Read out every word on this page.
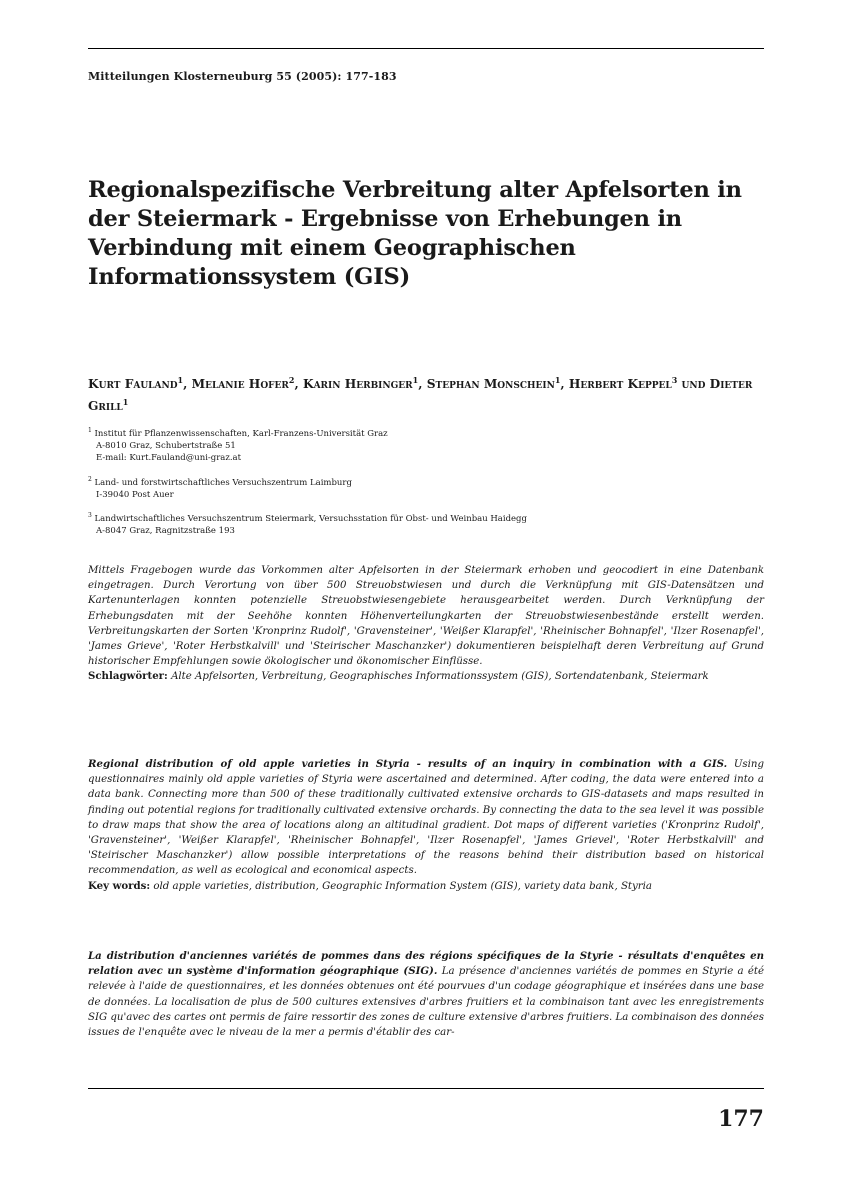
Mitteilungen Klosterneuburg 55 (2005): 177-183
Regionalspezifische Verbreitung alter Apfelsorten in der Steiermark - Ergebnisse von Erhebungen in Verbindung mit einem Geographischen Informationssystem (GIS)
Kurt Fauland$^1$, Melanie Hofer$^2$, Karin Herbinger$^1$, Stephan Monschein$^1$, Herbert Keppel$^3$ und Dieter Grill$^1$
$^1$ Institut für Pflanzenwissenschaften, Karl-Franzens-Universität Graz
A-8010 Graz, Schubertstraße 51
E-mail: Kurt.Fauland@uni-graz.at
$^2$ Land- und forstwirtschaftliches Versuchszentrum Laimburg
I-39040 Post Auer
$^3$ Landwirtschaftliches Versuchszentrum Steiermark, Versuchsstation für Obst- und Weinbau Haidegg
A-8047 Graz, Ragnitzstraße 193
Mittels Fragebogen wurde das Vorkommen alter Apfelsorten in der Steiermark erhoben und geocodiert in eine Datenbank eingetragen. Durch Verortung von über 500 Streuobstwiesen und durch die Verknüpfung mit GIS-Datensätzen und Kartenunterlagen konnten potenzielle Streuobstwiesengebiete herausgearbeitet werden. Durch Verknüpfung der Erhebungsdaten mit der Seehöhe konnten Höhenverteilungkarten der Streuobstwiesenbestände erstellt werden. Verbreitungskarten der Sorten 'Kronprinz Rudolf', 'Gravensteiner', 'Weißer Klarapfel', 'Rheinischer Bohnapfel', 'Ilzer Rosenapfel', 'James Grieve', 'Roter Herbstkalvill' und 'Steirischer Maschanzker') dokumentieren beispielhaft deren Verbreitung auf Grund historischer Empfehlungen sowie ökologischer und ökonomischer Einflüsse.
Schlagwörter: Alte Apfelsorten, Verbreitung, Geographisches Informationssystem (GIS), Sortendatenbank, Steiermark
Regional distribution of old apple varieties in Styria - results of an inquiry in combination with a GIS. Using questionnaires mainly old apple varieties of Styria were ascertained and determined. After coding, the data were entered into a data bank. Connecting more than 500 of these traditionally cultivated extensive orchards to GIS-datasets and maps resulted in finding out potential regions for traditionally cultivated extensive orchards. By connecting the data to the sea level it was possible to draw maps that show the area of locations along an altitudinal gradient. Dot maps of different varieties ('Kronprinz Rudolf', 'Gravensteiner', 'Weißer Klarapfel', 'Rheinischer Bohnapfel', 'Ilzer Rosenapfel', 'James Grievel', 'Roter Herbstkalvill' and 'Steirischer Maschanzker') allow possible interpretations of the reasons behind their distribution based on historical recommendation, as well as ecological and economical aspects.
Key words: old apple varieties, distribution, Geographic Information System (GIS), variety data bank, Styria
La distribution d'anciennes variétés de pommes dans des régions spécifiques de la Styrie - résultats d'enquêtes en relation avec un système d'information géographique (SIG). La présence d'anciennes variétés de pommes en Styrie a été relevée à l'aide de questionnaires, et les données obtenues ont été pourvues d'un codage géographique et insérées dans une base de données. La localisation de plus de 500 cultures extensives d'arbres fruitiers et la combinaison tant avec les enregistrements SIG qu'avec des cartes ont permis de faire ressortir des zones de culture extensive d'arbres fruitiers. La combinaison des données issues de l'enquête avec le niveau de la mer a permis d'établir des car-
177
